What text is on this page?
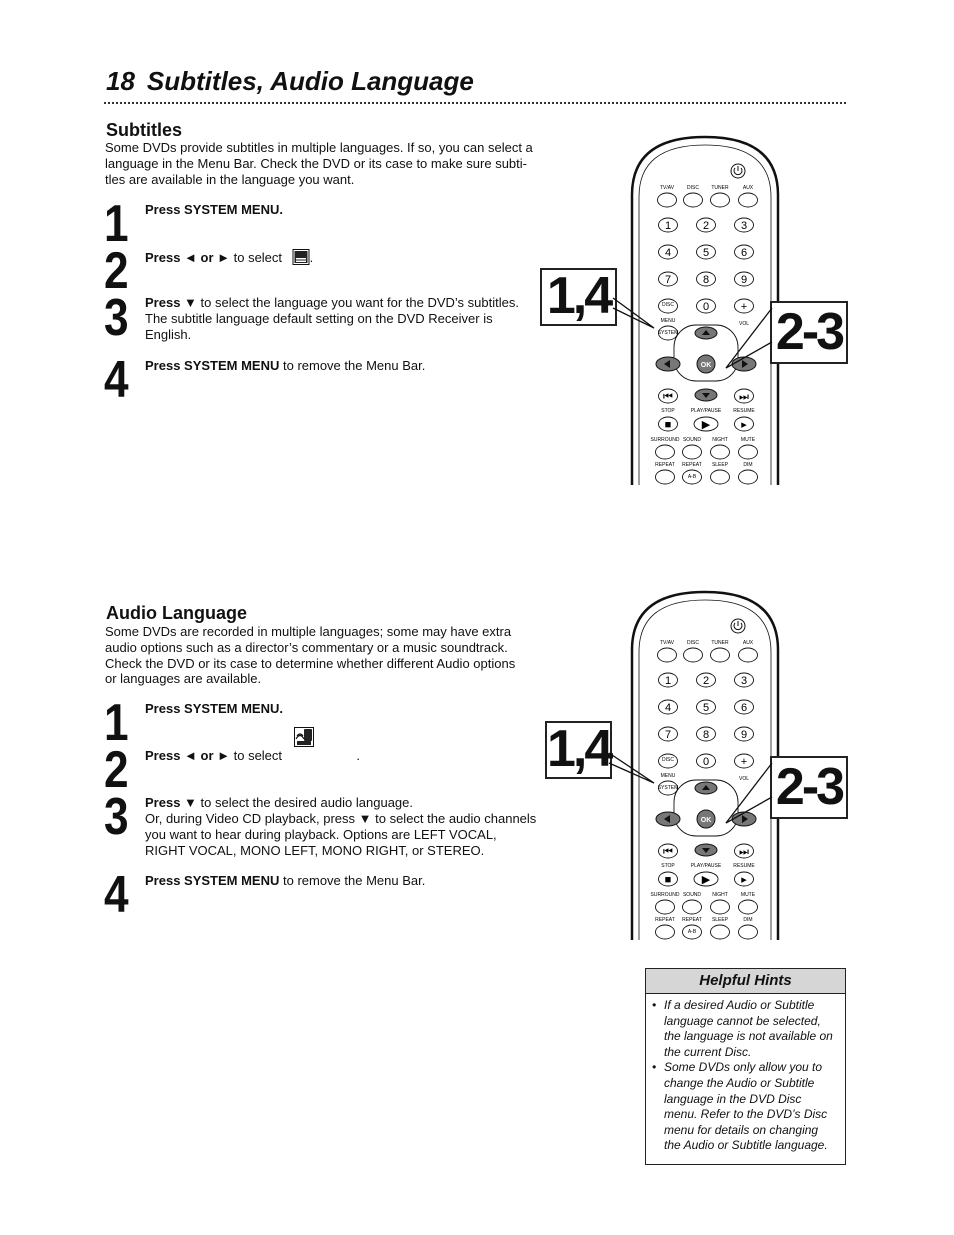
18 Subtitles, Audio Language
Subtitles
Some DVDs provide subtitles in multiple languages. If so, you can select a
language in the Menu Bar. Check the DVD or its case to make sure subti-
tles are available in the language you want.
1 Press SYSTEM MENU.
2 Press ◄ or ► to select .
3 Press ▼ to select the language you want for the DVD’s subtitles.
The subtitle language default setting on the DVD Receiver is
English.
4 Press SYSTEM MENU to remove the Menu Bar.
TV/AV	DISC TUNER	AUX
1	2	3
4	5	6
7	8	9
DISC
MENU
0	+
VOL
SYSTEM
OK
⏮	⏭
STOP	PLAY/PAUSE RESUME
■	▶	▸
SURROUND SOUND NIGHT	MUTE
REPEAT REPEAT SLEEP	DIM
A-B
1,4
2-3
Audio Language
Some DVDs are recorded in multiple languages; some may have extra
audio options such as a director’s commentary or a music soundtrack.
Check the DVD or its case to determine whether different Audio options
or languages are available.
1 Press SYSTEM MENU.
2 Press ◄ or ► to select	.
3 Press ▼ to select the desired audio language.
Or, during Video CD playback, press ▼ to select the audio channels
you want to hear during playback. Options are LEFT VOCAL,
RIGHT VOCAL, MONO LEFT, MONO RIGHT, or STEREO.
4 Press SYSTEM MENU to remove the Menu Bar.
TV/AV	DISC TUNER	AUX
1	2	3
4	5	6
7	8	9
DISC
MENU
0	+
VOL
SYSTEM
OK
⏮	⏭
STOP	PLAY/PAUSE RESUME
■	▶	▸
SURROUND SOUND NIGHT	MUTE
REPEAT REPEAT SLEEP	DIM
A-B
1,4
2-3
Helpful Hints
• If a desired Audio or Subtitle
language cannot be selected,
the language is not available on
the current Disc.
• Some DVDs only allow you to
change the Audio or Subtitle
language in the DVD Disc
menu. Refer to the DVD’s Disc
menu for details on changing
the Audio or Subtitle language.
